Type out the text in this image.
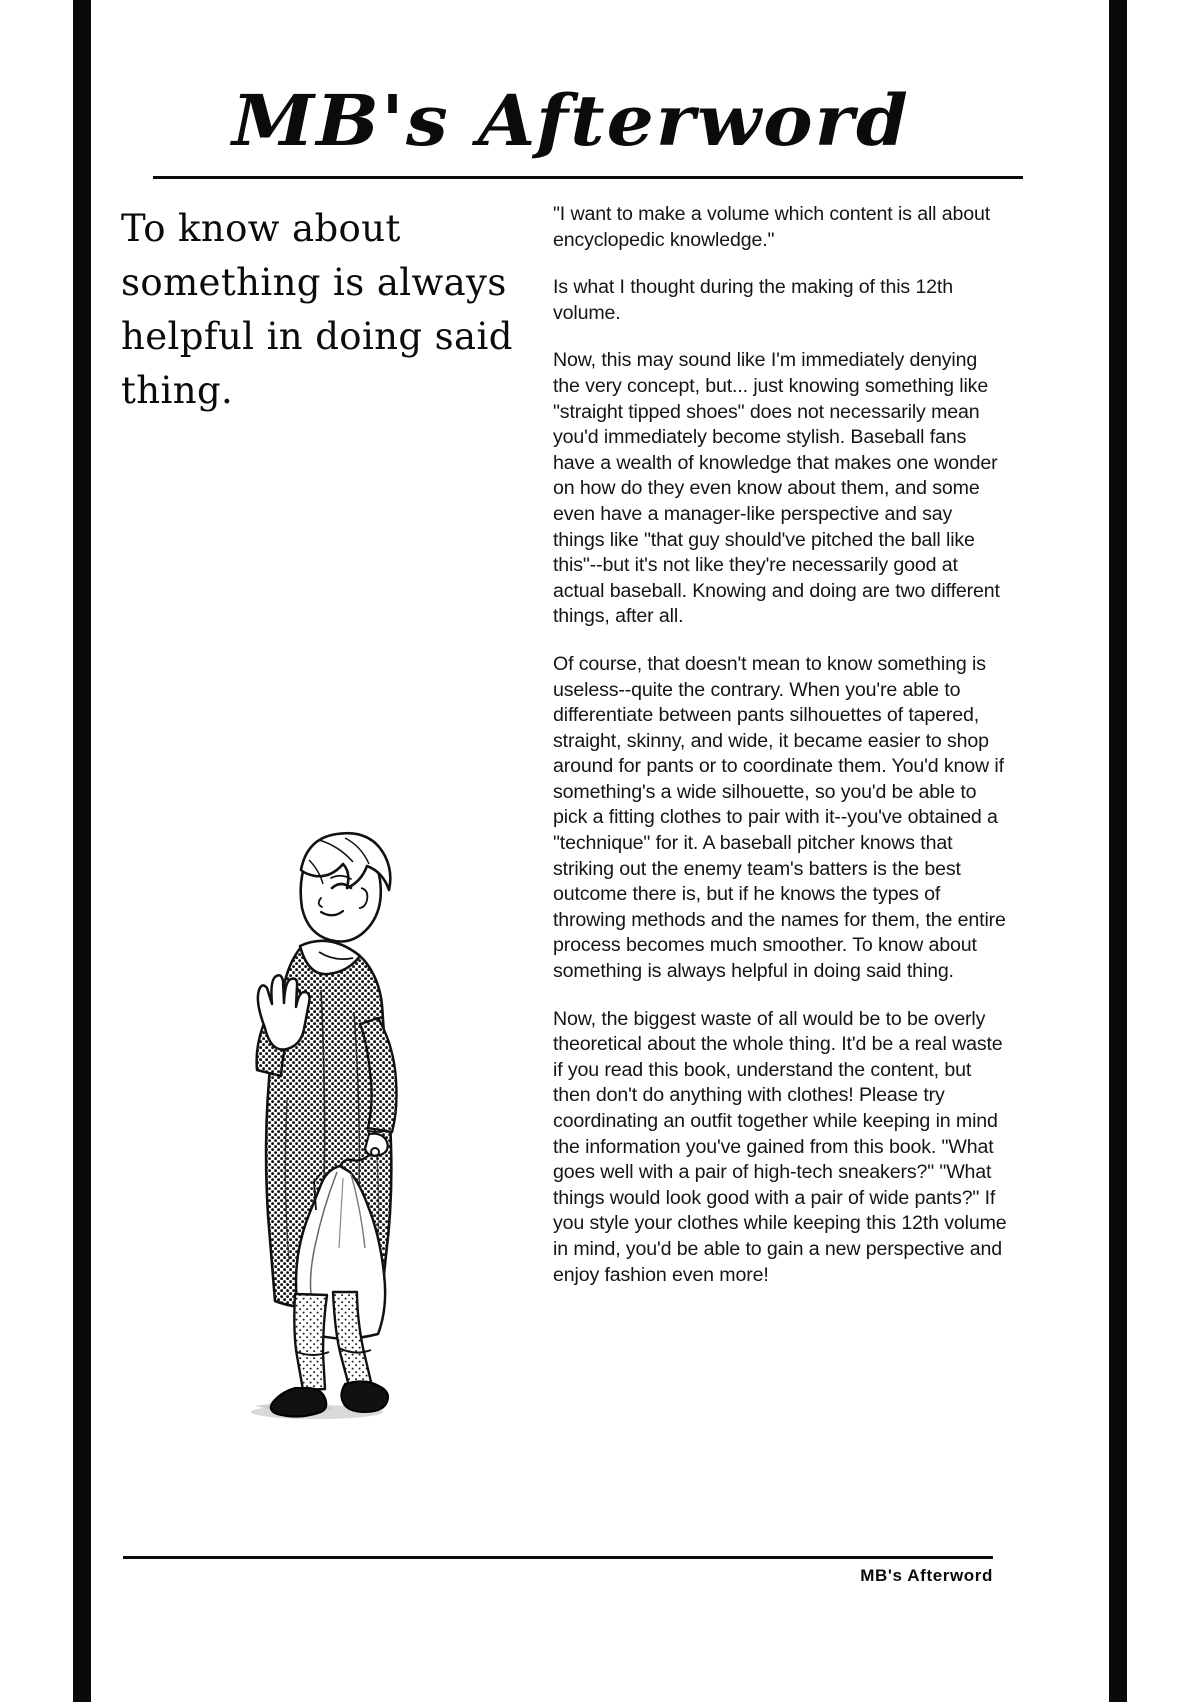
MB's Afterword
To know about something is always helpful in doing said thing.

"I want to make a volume which content is all about encyclopedic knowledge."

Is what I thought during the making of this 12th volume.

Now, this may sound like I'm immediately denying the very concept, but... just knowing something like "straight tipped shoes" does not necessarily mean you'd immediately become stylish. Baseball fans have a wealth of knowledge that makes one wonder on how do they even know about them, and some even have a manager-like perspective and say things like "that guy should've pitched the ball like this"--but it's not like they're necessarily good at actual baseball. Knowing and doing are two different things, after all.

Of course, that doesn't mean to know something is useless--quite the contrary. When you're able to differentiate between pants silhouettes of tapered, straight, skinny, and wide, it became easier to shop around for pants or to coordinate them. You'd know if something's a wide silhouette, so you'd be able to pick a fitting clothes to pair with it--you've obtained a "technique" for it. A baseball pitcher knows that striking out the enemy team's batters is the best outcome there is, but if he knows the types of throwing methods and the names for them, the entire process becomes much smoother. To know about something is always helpful in doing said thing.

Now, the biggest waste of all would be to be overly theoretical about the whole thing. It'd be a real waste if you read this book, understand the content, but then don't do anything with clothes! Please try coordinating an outfit together while keeping in mind the information you've gained from this book. "What goes well with a pair of high-tech sneakers?" "What things would look good with a pair of wide pants?" If you style your clothes while keeping this 12th volume in mind, you'd be able to gain a new perspective and enjoy fashion even more!

MB's Afterword
